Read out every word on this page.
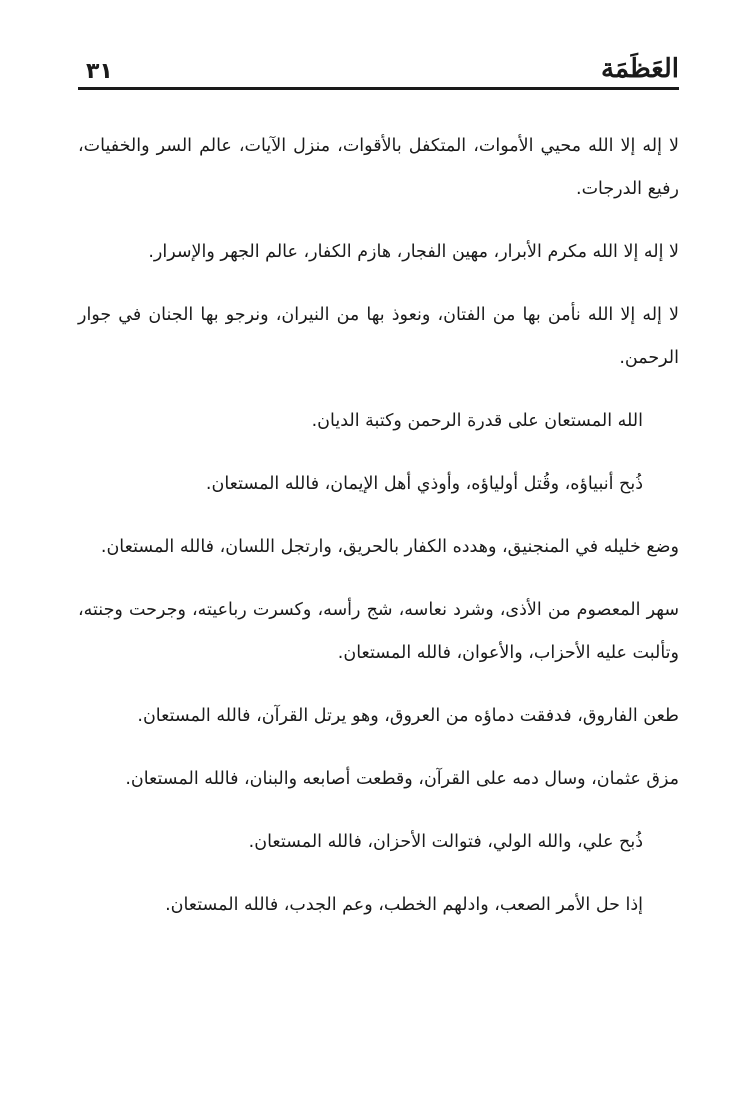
٣١	العَظَمَة

لا إله إلا الله محيي الأموات، المتكفل بالأقوات، منزل الآيات، عالم السر والخفيات، رفيع الدرجات.

لا إله إلا الله مكرم الأبرار، مهين الفجار، هازم الكفار، عالم الجهر والإسرار.

لا إله إلا الله نأمن بها من الفتان، ونعوذ بها من النيران، ونرجو بها الجنان في جوار الرحمن.

الله المستعان على قدرة الرحمن وكتبة الديان.

ذُبح أنبياؤه، وقُتل أولياؤه، وأوذي أهل الإيمان، فالله المستعان.

وضع خليله في المنجنيق، وهدده الكفار بالحريق، وارتجل اللسان، فالله المستعان.

سهر المعصوم من الأذى، وشرد نعاسه، شج رأسه، وكسرت رباعيته، وجرحت وجنته، وتألبت عليه الأحزاب، والأعوان، فالله المستعان.

طعن الفاروق، فدفقت دماؤه من العروق، وهو يرتل القرآن، فالله المستعان.

مزق عثمان، وسال دمه على القرآن، وقطعت أصابعه والبنان، فالله المستعان.

ذُبح علي، والله الولي، فتوالت الأحزان، فالله المستعان.

إذا حل الأمر الصعب، وادلهم الخطب، وعم الجدب، فالله المستعان.
